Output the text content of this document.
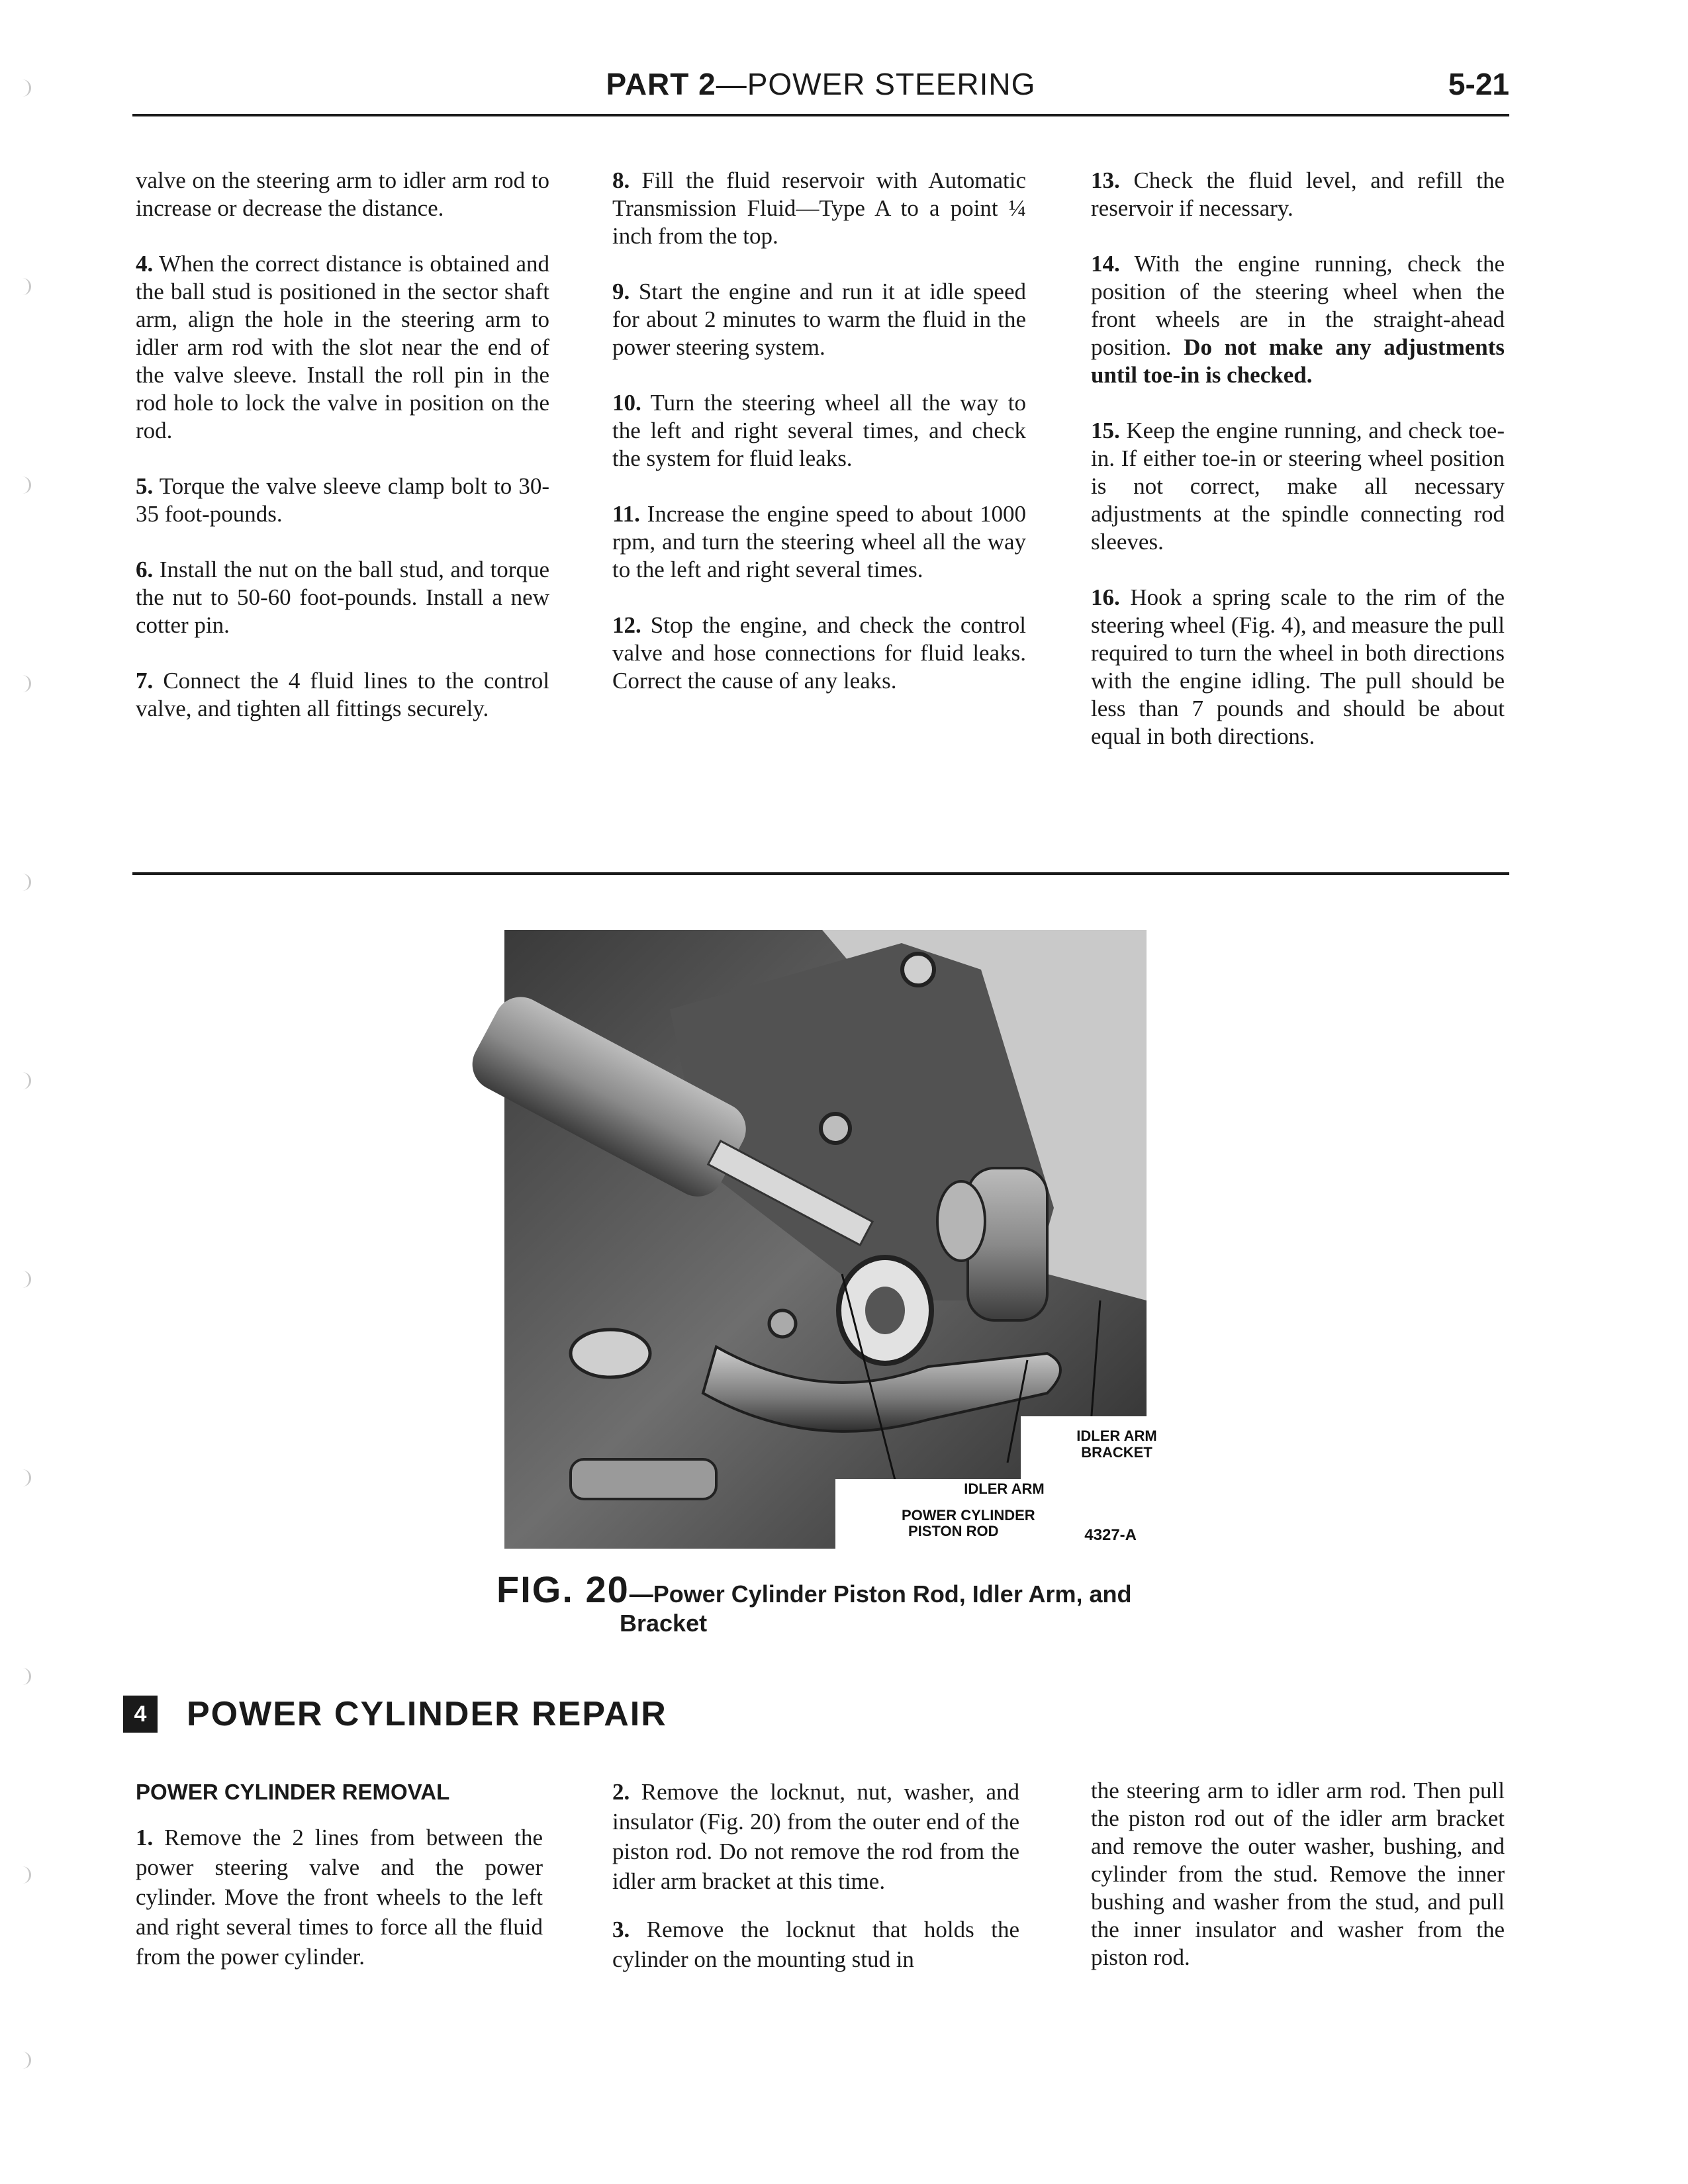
PART 2—POWER STEERING	5-21

valve on the steering arm to idler arm rod to increase or decrease the distance.

4. When the correct distance is obtained and the ball stud is positioned in the sector shaft arm, align the hole in the steering arm to idler arm rod with the slot near the end of the valve sleeve. Install the roll pin in the rod hole to lock the valve in position on the rod.

5. Torque the valve sleeve clamp bolt to 30-35 foot-pounds.

6. Install the nut on the ball stud, and torque the nut to 50-60 foot-pounds. Install a new cotter pin.

7. Connect the 4 fluid lines to the control valve, and tighten all fittings securely.

8. Fill the fluid reservoir with Automatic Transmission Fluid—Type A to a point ¼ inch from the top.

9. Start the engine and run it at idle speed for about 2 minutes to warm the fluid in the power steering system.

10. Turn the steering wheel all the way to the left and right several times, and check the system for fluid leaks.

11. Increase the engine speed to about 1000 rpm, and turn the steering wheel all the way to the left and right several times.

12. Stop the engine, and check the control valve and hose connections for fluid leaks. Correct the cause of any leaks.

13. Check the fluid level, and refill the reservoir if necessary.

14. With the engine running, check the position of the steering wheel when the front wheels are in the straight-ahead position. Do not make any adjustments until toe-in is checked.

15. Keep the engine running, and check toe-in. If either toe-in or steering wheel position is not correct, make all necessary adjustments at the spindle connecting rod sleeves.

16. Hook a spring scale to the rim of the steering wheel (Fig. 4), and measure the pull required to turn the wheel in both directions with the engine idling. The pull should be less than 7 pounds and should be about equal in both directions.

IDLER ARM
BRACKET
IDLER ARM
POWER CYLINDER
PISTON ROD	4327-A
FIG. 20—Power Cylinder Piston Rod, Idler Arm, and
Bracket
4	POWER CYLINDER REPAIR
POWER CYLINDER REMOVAL

1. Remove the 2 lines from between the power steering valve and the power cylinder. Move the front wheels to the left and right several times to force all the fluid from the power cylinder.

2. Remove the locknut, nut, washer, and insulator (Fig. 20) from the outer end of the piston rod. Do not remove the rod from the idler arm bracket at this time.

3. Remove the locknut that holds the cylinder on the mounting stud in

the steering arm to idler arm rod. Then pull the piston rod out of the idler arm bracket and remove the outer washer, bushing, and cylinder from the stud. Remove the inner bushing and washer from the stud, and pull the inner insulator and washer from the piston rod.
